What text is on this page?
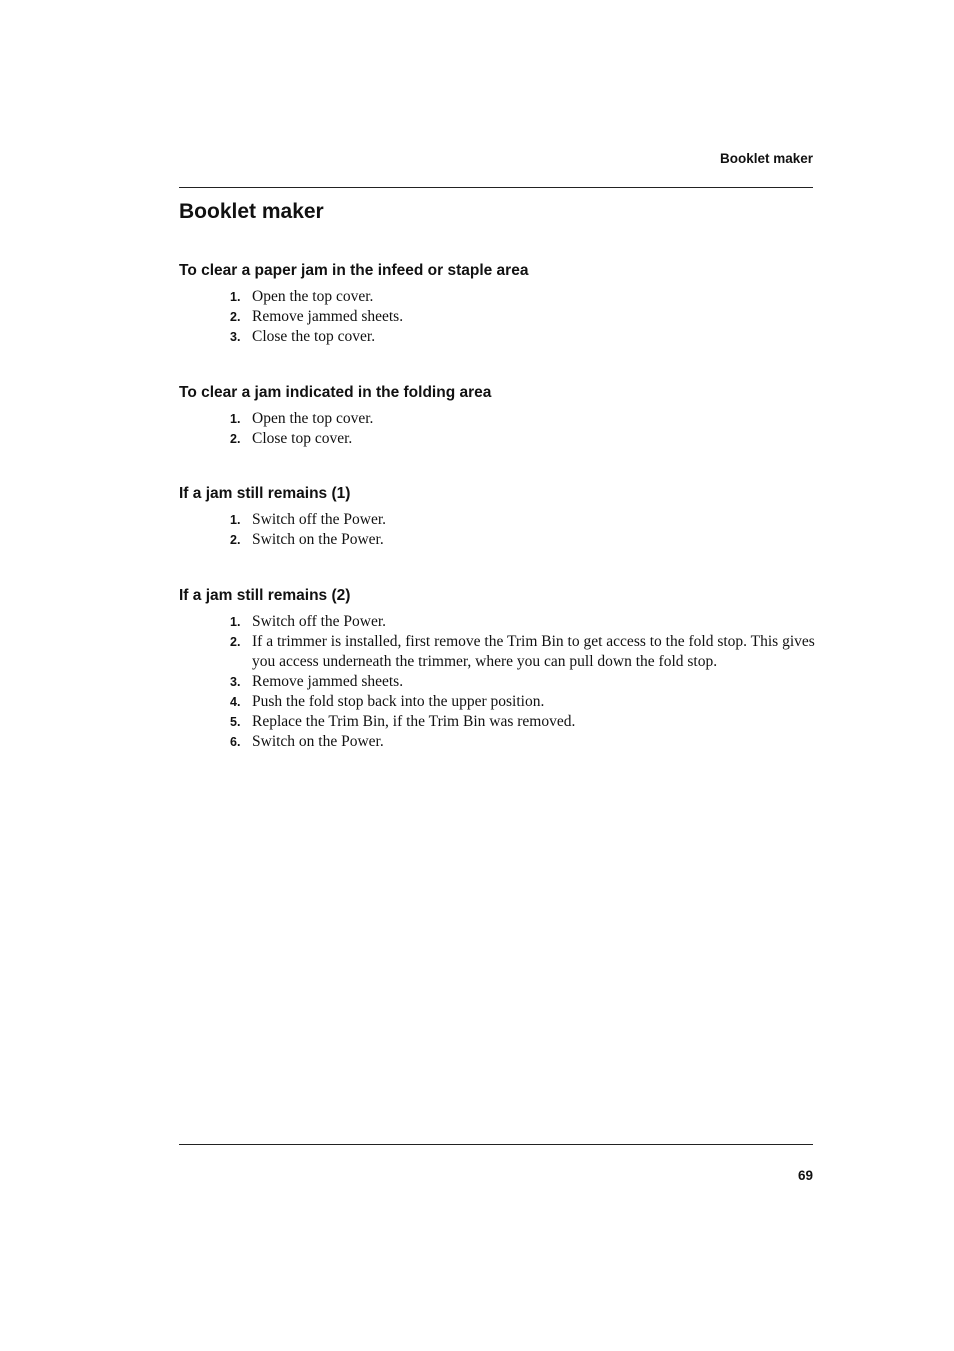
Booklet maker
Booklet maker
To clear a paper jam in the infeed or staple area
1. Open the top cover.
2. Remove jammed sheets.
3. Close the top cover.
To clear a jam indicated in the folding area
1. Open the top cover.
2. Close top cover.
If a jam still remains (1)
1. Switch off the Power.
2. Switch on the Power.
If a jam still remains (2)
1. Switch off the Power.
2. If a trimmer is installed, first remove the Trim Bin to get access to the fold stop. This gives you access underneath the trimmer, where you can pull down the fold stop.
3. Remove jammed sheets.
4. Push the fold stop back into the upper position.
5. Replace the Trim Bin, if the Trim Bin was removed.
6. Switch on the Power.
69
